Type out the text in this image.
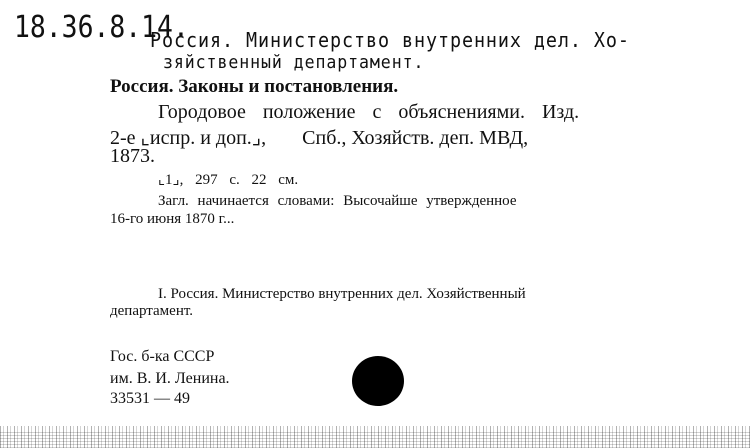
18.36.8.14.
Россия. Министерство внутренних дел. Хо-
зяйственный департамент.
Россия. Законы и постановления.
Городовое положение с объяснениями. Изд.
2-е ⌞испр. и доп.⌟, Спб., Хозяйств. деп. МВД,
1873.
⌞1⌟, 297 с. 22 см.
Загл. начинается словами: Высочайше утвержденное
16-го июня 1870 г...
I. Россия. Министерство внутренних дел. Хозяйственный
департамент.
Гос. б-ка СССР
им. В. И. Ленина.
33531 — 49
